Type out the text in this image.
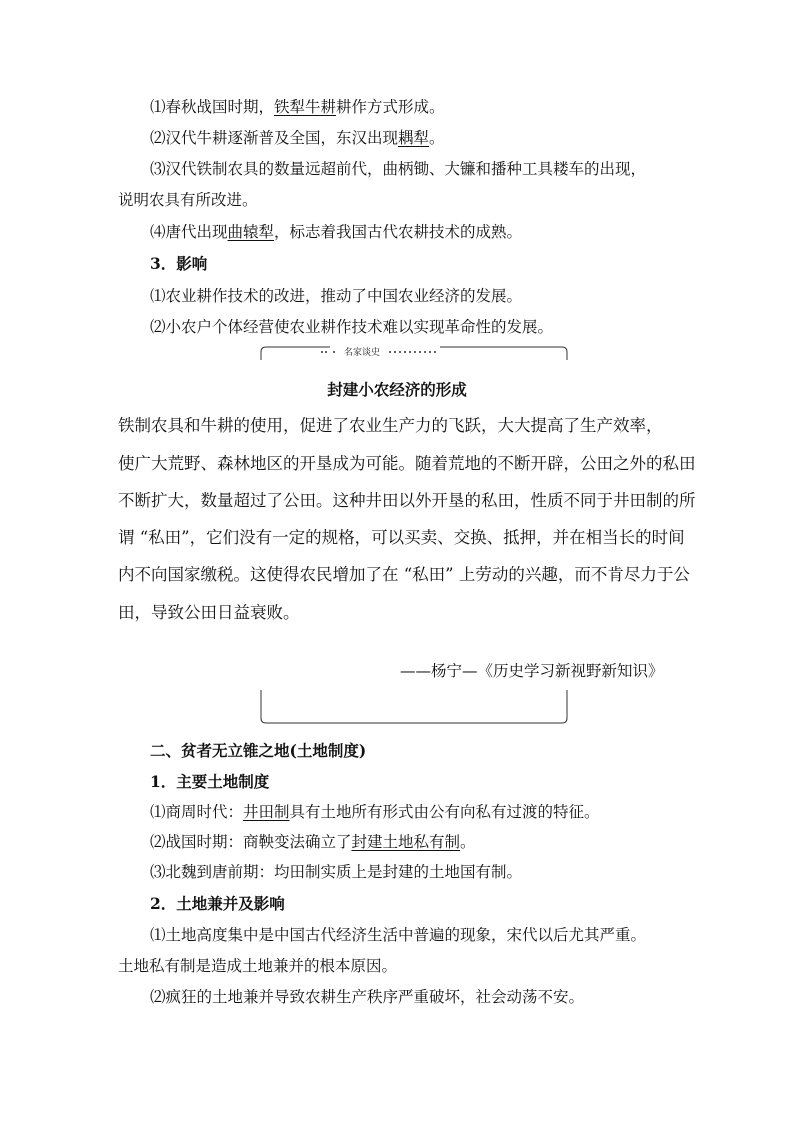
⑴春秋战国时期，铁犁牛耕耕作方式形成。
⑵汉代牛耕逐渐普及全国，东汉出现耦犁。
⑶汉代铁制农具的数量远超前代，曲柄锄、大镰和播种工具耧车的出现，
说明农具有所改进。
⑷唐代出现曲辕犁，标志着我国古代农耕技术的成熟。
3．影响
⑴农业耕作技术的改进，推动了中国农业经济的发展。
⑵小农户个体经营使农业耕作技术难以实现革命性的发展。
名家谈史
封建小农经济的形成
铁制农具和牛耕的使用，促进了农业生产力的飞跃，大大提高了生产效率，
使广大荒野、森林地区的开垦成为可能。随着荒地的不断开辟，公田之外的私田
不断扩大，数量超过了公田。这种井田以外开垦的私田，性质不同于井田制的所
谓 “私田”，它们没有一定的规格，可以买卖、交换、抵押，并在相当长的时间
内不向国家缴税。这使得农民增加了在 “私田” 上劳动的兴趣，而不肯尽力于公
田，导致公田日益衰败。
——杨宁—《历史学习新视野新知识》
二、贫者无立锥之地(土地制度)
1．主要土地制度
⑴商周时代：井田制具有土地所有形式由公有向私有过渡的特征。
⑵战国时期：商鞅变法确立了封建土地私有制。
⑶北魏到唐前期：均田制实质上是封建的土地国有制。
2．土地兼并及影响
⑴土地高度集中是中国古代经济生活中普遍的现象，宋代以后尤其严重。
土地私有制是造成土地兼并的根本原因。
⑵疯狂的土地兼并导致农耕生产秩序严重破坏，社会动荡不安。
